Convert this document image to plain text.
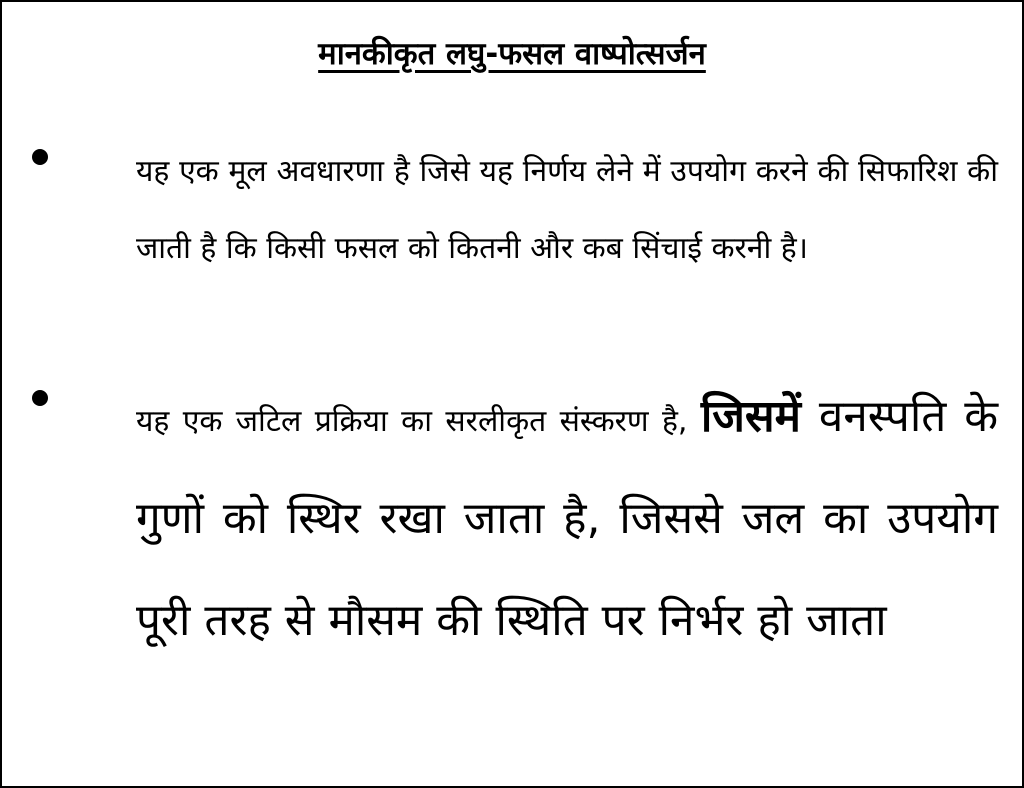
मानकीकृत लघु-फसल वाष्पोत्सर्जन
यह एक मूल अवधारणा है जिसे यह निर्णय लेने में उपयोग करने की सिफारिश की जाती है कि किसी फसल को कितनी और कब सिंचाई करनी है।
यह एक जटिल प्रक्रिया का सरलीकृत संस्करण है, जिसमें वनस्पति के गुणों को स्थिर रखा जाता है, जिससे जल का उपयोग पूरी तरह से मौसम की स्थिति पर निर्भर हो जाता
